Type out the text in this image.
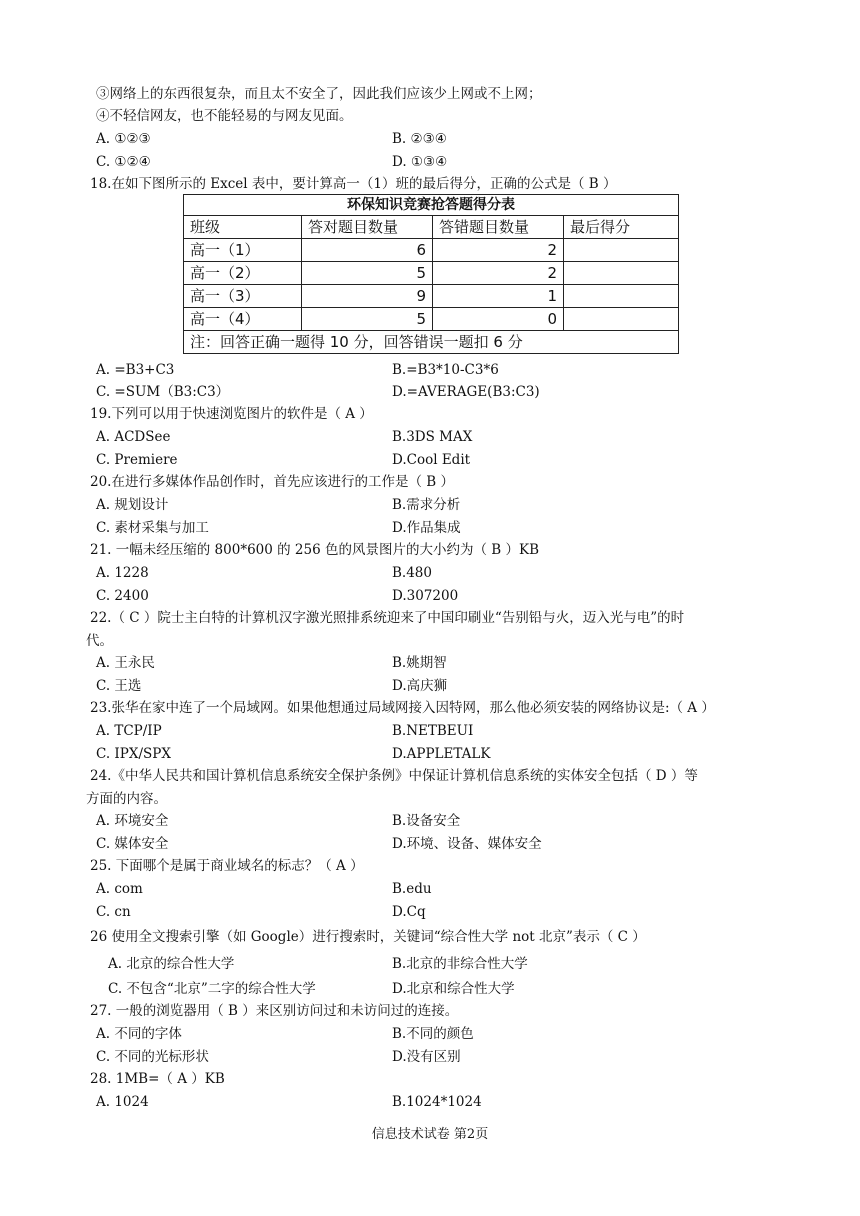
③网络上的东西很复杂，而且太不安全了，因此我们应该少上网或不上网；
④不轻信网友，也不能轻易的与网友见面。
A. ①②③	B. ②③④
C. ①②④	D. ①③④
18.在如下图所示的 Excel 表中，要计算高一（1）班的最后得分，正确的公式是（ B ）
环保知识竞赛抢答题得分表			
班级	答对题目数量	答错题目数量	最后得分
高一（1）	6	2	
高一（2）	5	2	
高一（3）	9	1	
高一（4）	5	0	
注：回答正确一题得 10 分，回答错误一题扣 6 分			
A. =B3+C3	B.=B3*10-C3*6
C. =SUM（B3:C3）	D.=AVERAGE(B3:C3)
19.下列可以用于快速浏览图片的软件是（ A ）
A. ACDSee	B.3DS MAX
C. Premiere	D.Cool Edit
20.在进行多媒体作品创作时，首先应该进行的工作是（ B ）
A. 规划设计	B.需求分析
C. 素材采集与加工	D.作品集成
21. 一幅未经压缩的 800*600 的 256 色的风景图片的大小约为（ B ）KB
A. 1228	B.480
C. 2400	D.307200
22.（ C ）院士主白特的计算机汉字激光照排系统迎来了中国印刷业“告别铅与火，迈入光与电”的时
代。
A. 王永民	B.姚期智
C. 王选	D.高庆狮
23.张华在家中连了一个局域网。如果他想通过局域网接入因特网，那么他必须安装的网络协议是:（ A ）
A. TCP/IP	B.NETBEUI
C. IPX/SPX	D.APPLETALK
24.《中华人民共和国计算机信息系统安全保护条例》中保证计算机信息系统的实体安全包括（ D ）等
方面的内容。
A. 环境安全	B.设备安全
C. 媒体安全	D.环境、设备、媒体安全
25. 下面哪个是属于商业域名的标志？（ A ）
A. com	B.edu
C. cn	D.Cq
26 使用全文搜索引擎（如 Google）进行搜索时，关键词“综合性大学 not 北京”表示（ C ）
A. 北京的综合性大学	B.北京的非综合性大学
C. 不包含“北京”二字的综合性大学	D.北京和综合性大学
27. 一般的浏览器用（ B ）来区别访问过和未访问过的连接。
A. 不同的字体	B.不同的颜色
C. 不同的光标形状	D.没有区别
28. 1MB=（ A ）KB
A. 1024	B.1024*1024
信息技术试卷 第2页
